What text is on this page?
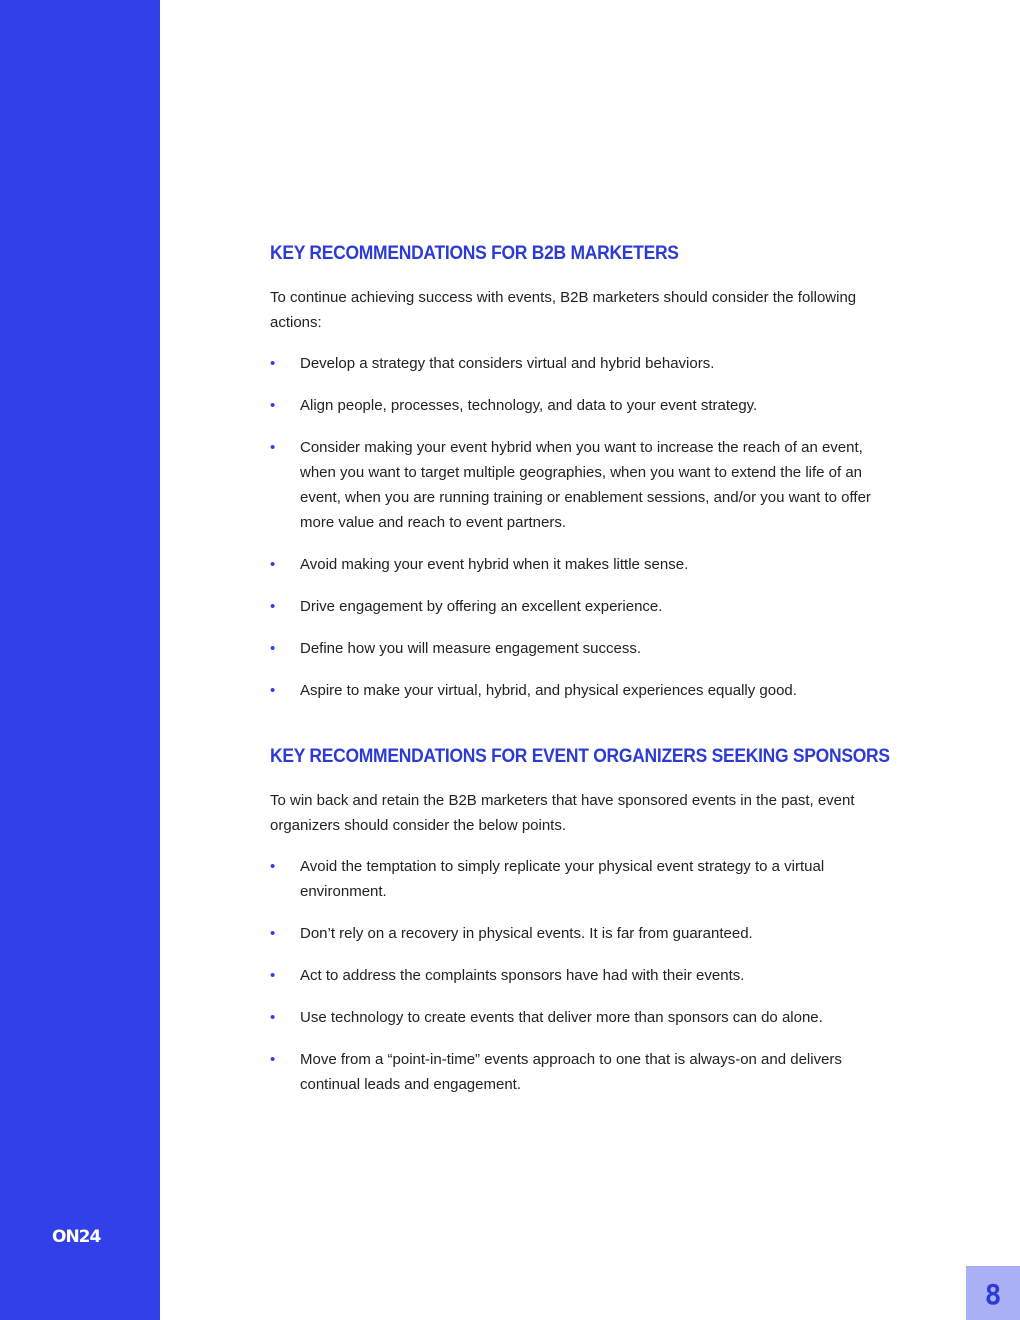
ON24
8
KEY RECOMMENDATIONS FOR B2B MARKETERS

To continue achieving success with events, B2B marketers should consider the following actions:

• Develop a strategy that considers virtual and hybrid behaviors.
• Align people, processes, technology, and data to your event strategy.
• Consider making your event hybrid when you want to increase the reach of an event, when you want to target multiple geographies, when you want to extend the life of an event, when you are running training or enablement sessions, and/or you want to offer more value and reach to event partners.
• Avoid making your event hybrid when it makes little sense.
• Drive engagement by offering an excellent experience.
• Define how you will measure engagement success.
• Aspire to make your virtual, hybrid, and physical experiences equally good.
KEY RECOMMENDATIONS FOR EVENT ORGANIZERS SEEKING SPONSORS

To win back and retain the B2B marketers that have sponsored events in the past, event organizers should consider the below points.

• Avoid the temptation to simply replicate your physical event strategy to a virtual environment.
• Don’t rely on a recovery in physical events. It is far from guaranteed.
• Act to address the complaints sponsors have had with their events.
• Use technology to create events that deliver more than sponsors can do alone.
• Move from a “point-in-time” events approach to one that is always-on and delivers continual leads and engagement.
